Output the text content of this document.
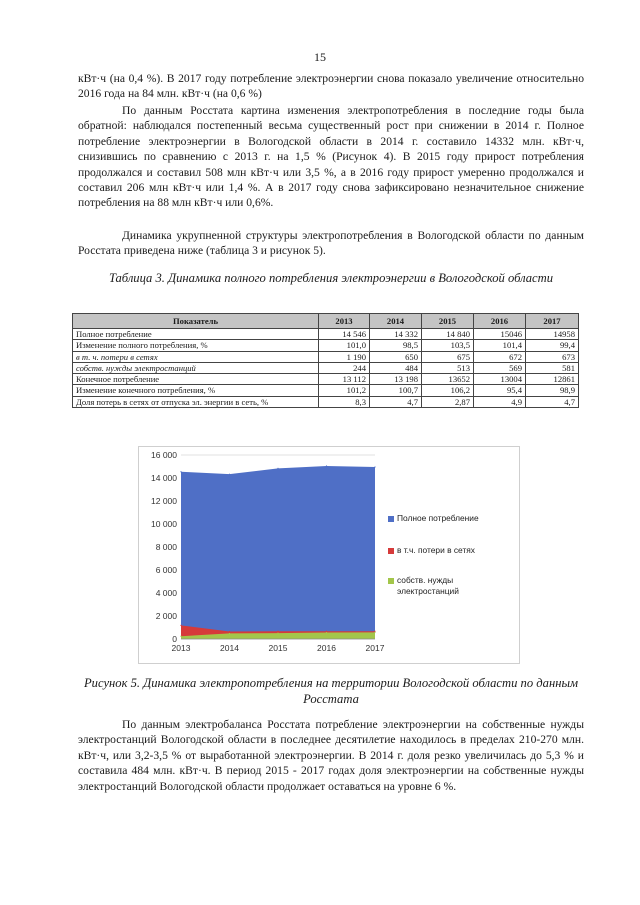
15

кВт·ч (на 0,4 %). В 2017 году потребление электроэнергии снова показало увеличение относительно 2016 года на 84 млн. кВт·ч (на 0,6 %)

По данным Росстата картина изменения электропотребления в последние годы была обратной: наблюдался постепенный весьма существенный рост при снижении в 2014 г. Полное потребление электроэнергии в Вологодской области в 2014 г. составило 14332 млн. кВт·ч, снизившись по сравнению с 2013 г. на 1,5 % (Рисунок 4). В 2015 году прирост потребления продолжался и составил 508 млн кВт·ч или 3,5 %, а в 2016 году прирост умеренно продолжался и составил 206 млн кВт·ч или 1,4 %. А в 2017 году снова зафиксировано незначительное снижение потребления на 88 млн кВт·ч или 0,6%.

Динамика укрупненной структуры электропотребления в Вологодской области по данным Росстата приведена ниже (таблица 3 и рисунок 5).

Таблица 3. Динамика полного потребления электроэнергии в Вологодской области

Показатель	2013	2014	2015	2016	2017
Полное потребление	14 546	14 332	14 840	15046	14958
Изменение полного потребления, %	101,0	98,5	103,5	101,4	99,4
в т. ч. потери в сетях	1 190	650	675	672	673
собств. нужды электростанций	244	484	513	569	581
Конечное потребление	13 112	13 198	13652	13004	12861
Изменение конечного потребления, %	101,2	100,7	106,2	95,4	98,9
Доля потерь в сетях от отпуска эл. энергии в сеть, %	8,3	4,7	2,87	4,9	4,7
0
2 000
4 000
6 000
8 000
10 000
12 000
14 000
16 000
2013	2014	2015	2016	2017
Полное потребление
в т.ч. потери в сетях
собств. нужды электростанций

Рисунок 5. Динамика электропотребления на территории Вологодской области по данным Росстата

По данным электробаланса Росстата потребление электроэнергии на собственные нужды электростанций Вологодской области в последнее десятилетие находилось в пределах 210-270 млн. кВт·ч, или 3,2-3,5 % от выработанной электроэнергии. В 2014 г. доля резко увеличилась до 5,3 % и составила 484 млн. кВт·ч. В период 2015 - 2017 годах доля электроэнергии на собственные нужды электростанций Вологодской области продолжает оставаться на уровне 6 %.
